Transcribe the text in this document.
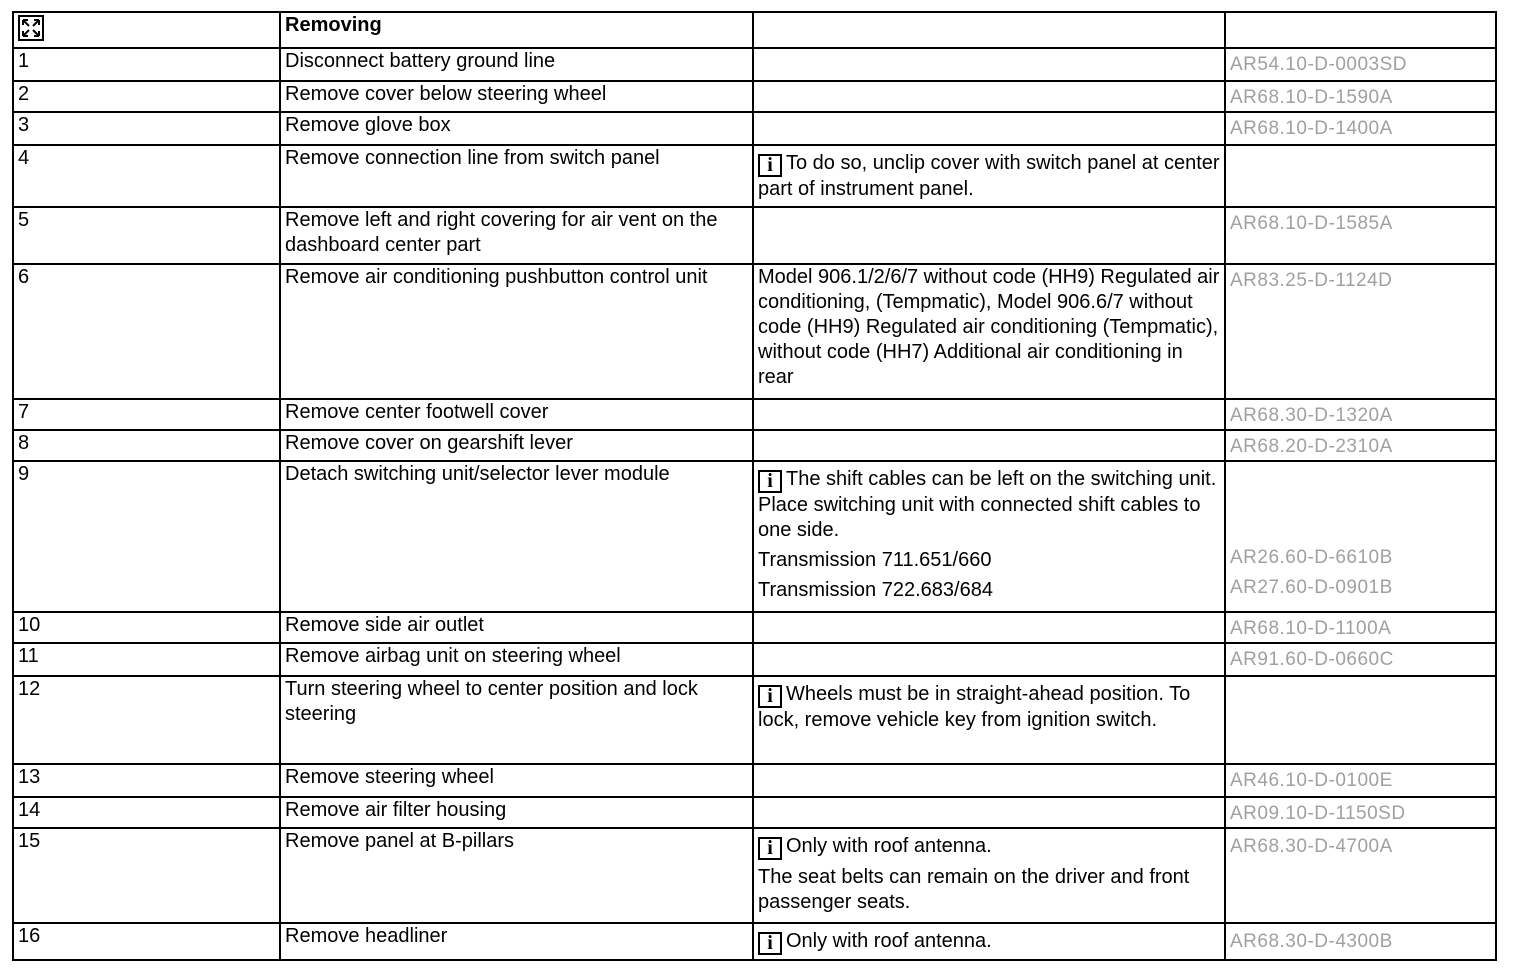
	Removing		
1	Disconnect battery ground line		AR54.10-D-0003SD

2	Remove cover below steering wheel		AR68.10-D-1590A

3	Remove glove box		AR68.10-D-1400A

4	Remove connection line from switch panel	i To do so, unclip cover with switch panel at center part of instrument panel.	

5	Remove left and right covering for air vent on the dashboard center part		AR68.10-D-1585A

6	Remove air conditioning pushbutton control unit	Model 906.1/2/6/7 without code (HH9) Regulated air conditioning, (Tempmatic), Model 906.6/7 without code (HH9) Regulated air conditioning (Tempmatic), without code (HH7) Additional air conditioning in rear	AR83.25-D-1124D

7	Remove center footwell cover		AR68.30-D-1320A

8	Remove cover on gearshift lever		AR68.20-D-2310A

9	Detach switching unit/selector lever module	i The shift cables can be left on the switching unit. Place switching unit with connected shift cables to one side.
Transmission 711.651/660
Transmission 722.683/684	AR26.60-D-6610B
AR27.60-D-0901B

10	Remove side air outlet		AR68.10-D-1100A

11	Remove airbag unit on steering wheel		AR91.60-D-0660C

12	Turn steering wheel to center position and lock steering	i Wheels must be in straight-ahead position. To lock, remove vehicle key from ignition switch.	

13	Remove steering wheel		AR46.10-D-0100E

14	Remove air filter housing		AR09.10-D-1150SD

15	Remove panel at B-pillars	i Only with roof antenna.
The seat belts can remain on the driver and front passenger seats.	AR68.30-D-4700A

16	Remove headliner	i Only with roof antenna.	AR68.30-D-4300B
